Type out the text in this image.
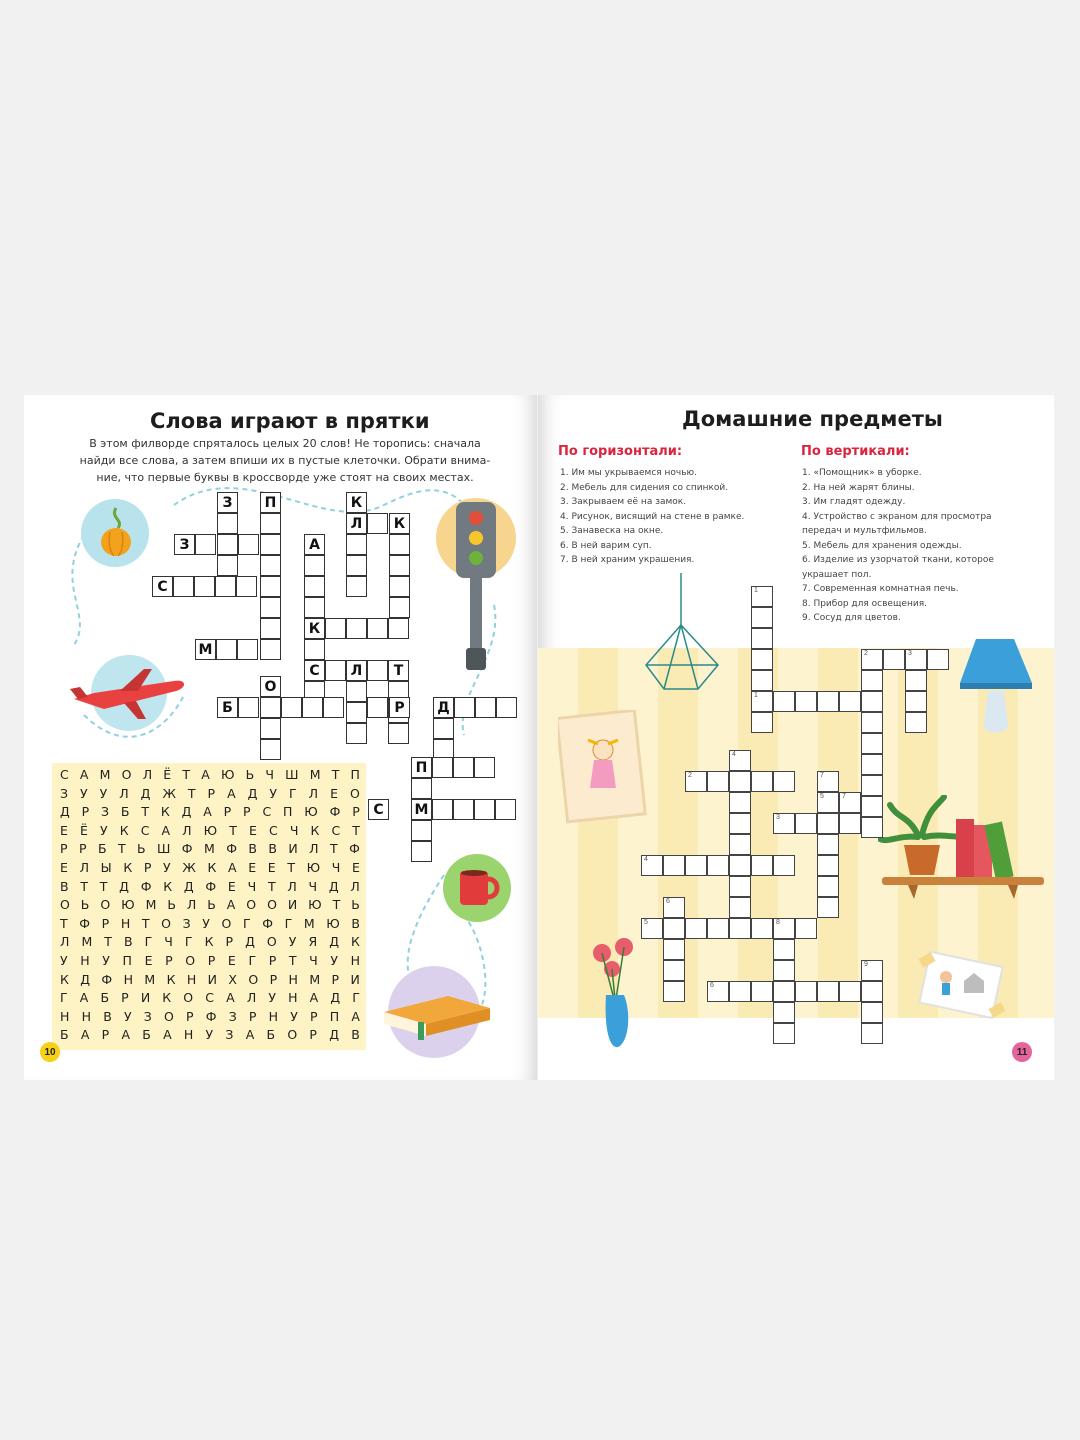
Слова играют в прятки
В этом филворде спряталось целых 20 слов! Не торопись: сначала
найди все слова, а затем впиши их в пустые клеточки. Обрати внима-
ние, что первые буквы в кроссворде уже стоят на своих местах.
З	П
З
С
М
А
К
Л	К
К
С	Л	Т
О
Б	Р	Д
П
С	М
С А М О Л Ё Т А Ю Ь Ч Ш М Т П
З У У Л Д Ж Т Р А Д У Г Л Е О
Д Р З Б Т К Д А Р Р С П Ю Ф Р
Е Ё У К С А Л Ю Т Е С Ч К С Т
Р Р Б Т Ь Ш Ф М Ф В В И Л Т Ф
Е Л Ы К Р У Ж К А Е Е Т Ю Ч Е
В Т Т Д Ф К Д Ф Е Ч Т Л Ч Д Л
О Ь О Ю М Ь Л Ь А О О И Ю Т Ь
Т Ф Р Н Т О З У О Г Ф Г М Ю В
Л М Т В Г Ч Г К Р Д О У Я Д К
У Н У П Е Р О Р Е Г Р Т Ч У Н
К Д Ф Н М К Н И Х О Р Н М Р И
Г А Б Р И К О С А Л У Н А Д Г
Н Н В У З О Р Ф З Р Н У Р П А
Б А Р А Б А Н У З А Б О Р Д В
10
Домашние предметы
По горизонтали:	По вертикали:
1. Им мы укрываемся ночью.
2. Мебель для сидения со спинкой.
3. Закрываем её на замок.
4. Рисунок, висящий на стене в рамке.
5. Занавеска на окне.
6. В ней варим суп.
7. В ней храним украшения.
1. «Помощник» в уборке.
2. На ней жарят блины.
3. Им гладят одежду.
4. Устройство с экраном для просмотра
передач и мультфильмов.
5. Мебель для хранения одежды.
6. Изделие из узорчатой ткани, которое
украшает пол.
7. Современная комнатная печь.
8. Прибор для освещения.
9. Сосуд для цветов.
1
1
2	3
2
4
3
5
4
6
5	8
6
9
7
7
11
